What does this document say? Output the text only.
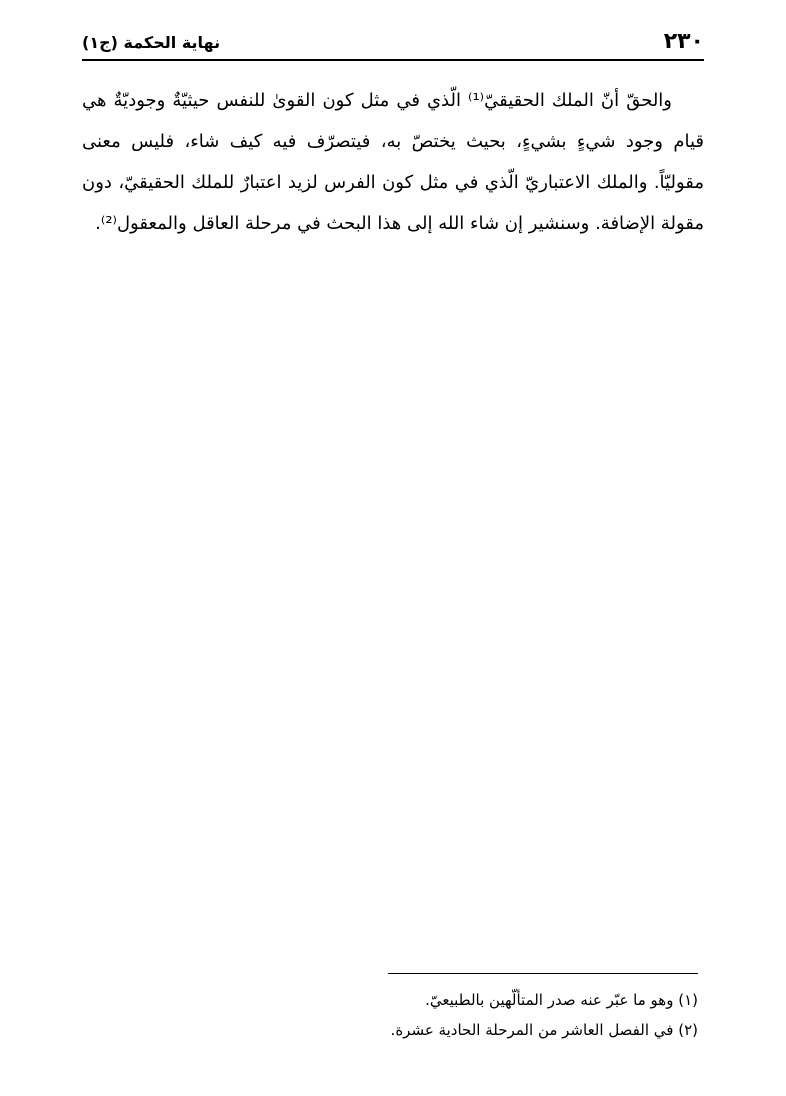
٢٣٠
نهاية الحكمة (ج١)

والحقّ أنّ الملك الحقيقيّ⁽¹⁾ الّذي في مثل كون القوىٰ للنفس حيثيّةٌ وجوديّةٌ هي قيام وجود شيءٍ بشيءٍ، بحيث يختصّ به، فيتصرّف فيه كيف شاء، فليس معنى مقوليّاً. والملك الاعتباريّ الّذي في مثل كون الفرس لزيد اعتبارٌ للملك الحقيقيّ، دون مقولة الإضافة. وسنشير إن شاء الله إلى هذا البحث في مرحلة العاقل والمعقول⁽²⁾.

(١) وهو ما عبّر عنه صدر المتألّهين بالطبيعيّ.

(٢) في الفصل العاشر من المرحلة الحادية عشرة.
